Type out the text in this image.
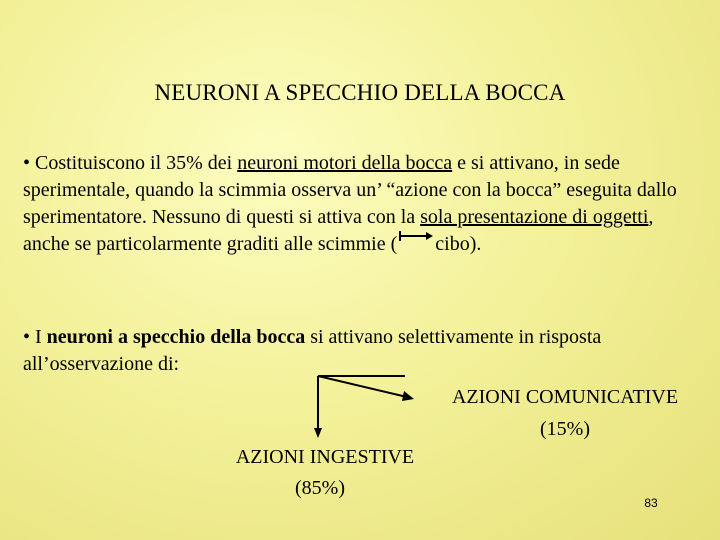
NEURONI A SPECCHIO DELLA BOCCA
• Costituiscono il 35% dei neuroni motori della bocca e si attivano, in sede sperimentale, quando la scimmia osserva un’ “azione con la bocca” eseguita dallo sperimentatore. Nessuno di questi si attiva con la sola presentazione di oggetti, anche se particolarmente graditi alle scimmie ( cibo).
• I neuroni a specchio della bocca si attivano selettivamente in risposta all’osservazione di:
AZIONI COMUNICATIVE
(15%)
AZIONI INGESTIVE
(85%)
83
